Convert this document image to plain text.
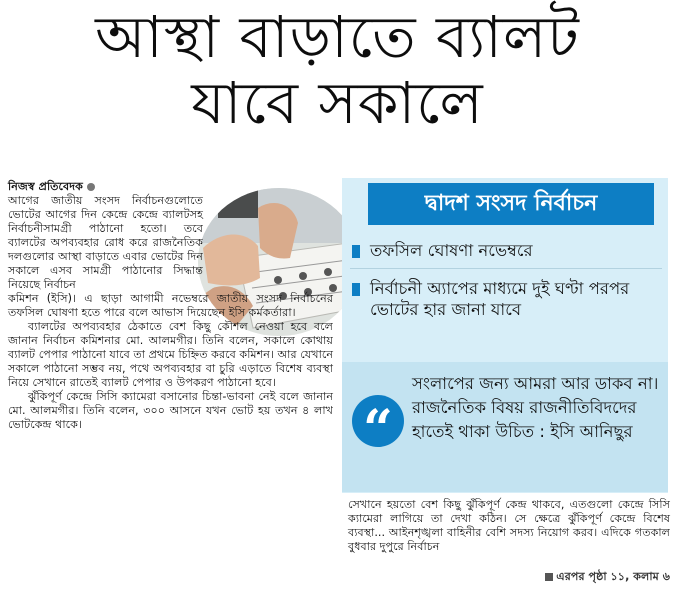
আস্থা বাড়াতে ব্যালট
যাবে সকালে

নিজস্ব প্রতিবেদক

আগের জাতীয় সংসদ নির্বাচনগুলোতে ভোটের আগের দিন কেন্দ্রে কেন্দ্রে ব্যালটসহ নির্বাচনীসামগ্রী পাঠানো হতো। তবে ব্যালটের অপব্যবহার রোধ করে রাজনৈতিক দলগুলোর আস্থা বাড়াতে এবার ভোটের দিন সকালে এসব সামগ্রী পাঠানোর সিদ্ধান্ত নিয়েছে নির্বাচন

কমিশন (ইসি)। এ ছাড়া আগামী নভেম্বরে জাতীয় সংসদ নির্বাচনের তফসিল ঘোষণা হতে পারে বলে আভাস দিয়েছেন ইসি কর্মকর্তারা।

ব্যালটের অপব্যবহার ঠেকাতে বেশ কিছু কৌশল নেওয়া হবে বলে জানান নির্বাচন কমিশনার মো. আলমগীর। তিনি বলেন, সকালে কোথায় ব্যালট পেপার পাঠানো যাবে তা প্রথমে চিহ্নিত করবে কমিশন। আর যেখানে সকালে পাঠানো সম্ভব নয়, পথে অপব্যবহার বা চুরি এড়াতে বিশেষ ব্যবস্থা নিয়ে সেখানে রাতেই ব্যালট পেপার ও উপকরণ পাঠানো হবে।

ঝুঁকিপূর্ণ কেন্দ্রে সিসি ক্যামেরা বসানোর চিন্তা-ভাবনা নেই বলে জানান মো. আলমগীর। তিনি বলেন, ৩০০ আসনে যখন ভোট হয় তখন ৪ লাখ ভোটকেন্দ্র থাকে।

দ্বাদশ সংসদ নির্বাচন
তফসিল ঘোষণা নভেম্বরে
নির্বাচনী অ্যাপের মাধ্যমে দুই ঘণ্টা পরপর ভোটের হার জানা যাবে
“
সংলাপের জন্য আমরা আর ডাকব না। রাজনৈতিক বিষয় রাজনীতিবিদদের হাতেই থাকা উচিত : ইসি আনিছুর

সেখানে হয়তো বেশ কিছু ঝুঁকিপূর্ণ কেন্দ্র থাকবে, এতগুলো কেন্দ্রে সিসি ক্যামেরা লাগিয়ে তা দেখা কঠিন। সে ক্ষেত্রে ঝুঁকিপূর্ণ কেন্দ্রে বিশেষ ব্যবস্থা... আইনশৃঙ্খলা বাহিনীর বেশি সদস্য নিয়োগ করব। এদিকে গতকাল বুধবার দুপুরে নির্বাচন

এরপর পৃষ্ঠা ১১, কলাম ৬
